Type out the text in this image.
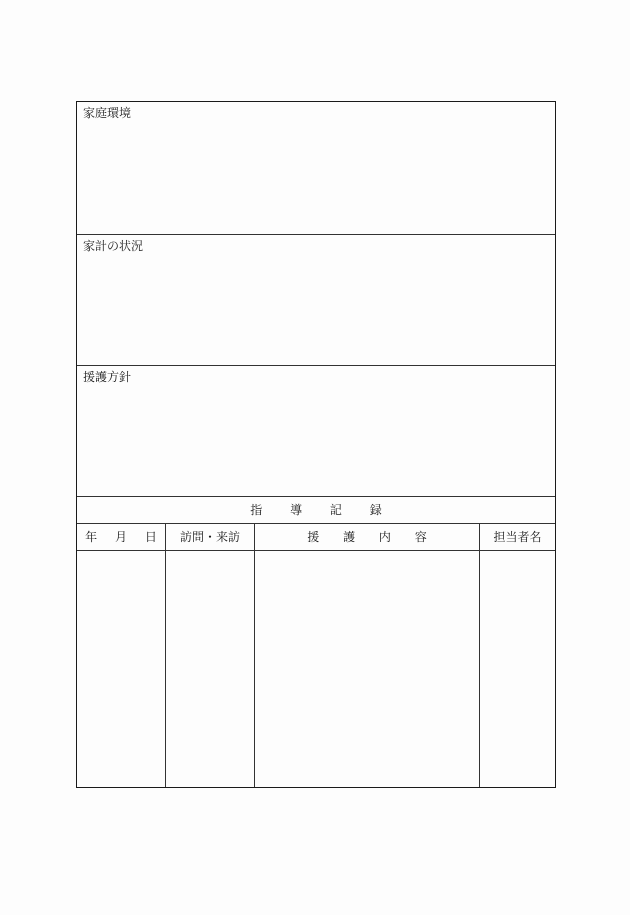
家庭環境
家計の状況
援護方針
指 導 記 録
年 月 日	訪問・来訪	援 護 内 容	担当者名
